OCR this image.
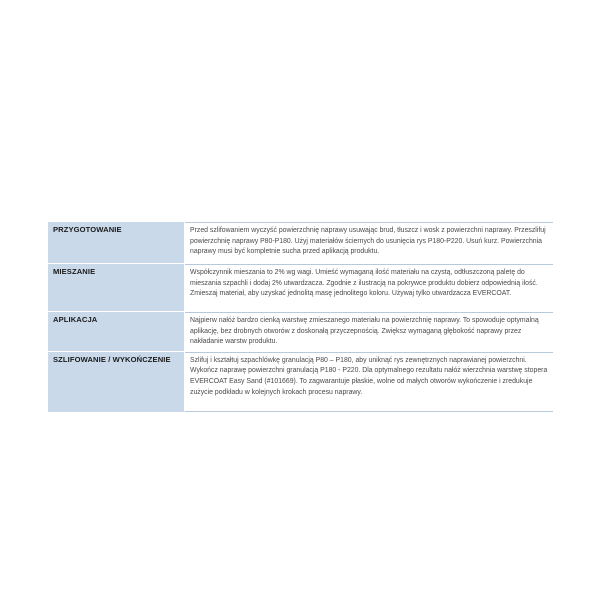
PRZYGOTOWANIE	Przed szlifowaniem wyczyść powierzchnię naprawy usuwając brud, tłuszcz i wosk z powierzchni naprawy. Przeszlifuj powierzchnię naprawy P80-P180. Użyj materiałów ściernych do usunięcia rys P180-P220. Usuń kurz. Powierzchnia naprawy musi być kompletnie sucha przed aplikacją produktu.

MIESZANIE	Współczynnik mieszania to 2% wg wagi. Umieść wymaganą ilość materiału na czystą, odtłuszczoną paletę do mieszania szpachli i dodaj 2% utwardzacza. Zgodnie z ilustracją na pokrywce produktu dobierz odpowiednią ilość. Zmieszaj materiał, aby uzyskać jednolitą masę jednolitego koloru. Używaj tylko utwardzacza EVERCOAT.

APLIKACJA	Najpierw nałóż bardzo cienką warstwę zmieszanego materiału na powierzchnię naprawy. To spowoduje optymalną aplikację, bez drobnych otworów z doskonałą przyczepnością. Zwiększ wymaganą głębokość naprawy przez nakładanie warstw produktu.

SZLIFOWANIE / WYKOŃCZENIE	Szlifuj i kształtuj szpachlówkę granulacją P80 – P180, aby uniknąć rys zewnętrznych naprawianej powierzchni. Wykończ naprawę powierzchni granulacją P180 - P220. Dla optymalnego rezultatu nałóż wierzchnia warstwę stopera EVERCOAT Easy Sand (#101669). To zagwarantuje płaskie, wolne od małych otworów wykończenie i zredukuje zużycie podkładu w kolejnych krokach procesu naprawy.
